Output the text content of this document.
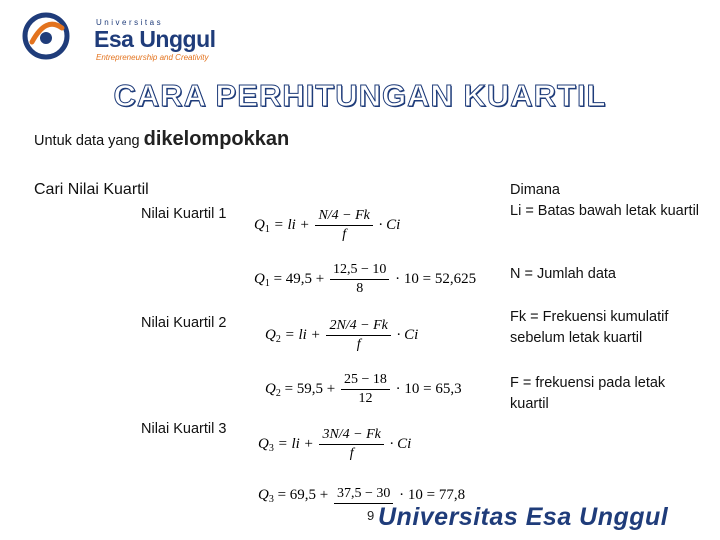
Universitas
Esa Unggul
Entrepreneurship and Creativity
CARA PERHITUNGAN KUARTIL
Untuk data yang dikelompokkan
Cari Nilai Kuartil
Nilai Kuartil 1
Nilai Kuartil 2
Nilai Kuartil 3
$Q_1$ = li + $\frac{N/4 - Fk}{f} \cdot Ci$
$Q_1 = 49,5 + \frac{12,5 - 10}{8} \cdot 10 = 52,625$
$Q_2$ = li + $\frac{2N/4 - Fk}{f} \cdot Ci$
$Q_2 = 59,5 + \frac{25 - 18}{12} \cdot 10 = 65,3$
$Q_3$ = li + $\frac{3N/4 - Fk}{f} \cdot Ci$
$Q_3 = 69,5 + 37,5 - 30 \cdot 10 = 77,8$
Dimana
Li = Batas bawah letak kuartil
N = Jumlah data
Fk = Frekuensi kumulatif sebelum letak kuartil
F = frekuensi pada letak kuartil
9 Universitas Esa Unggul
